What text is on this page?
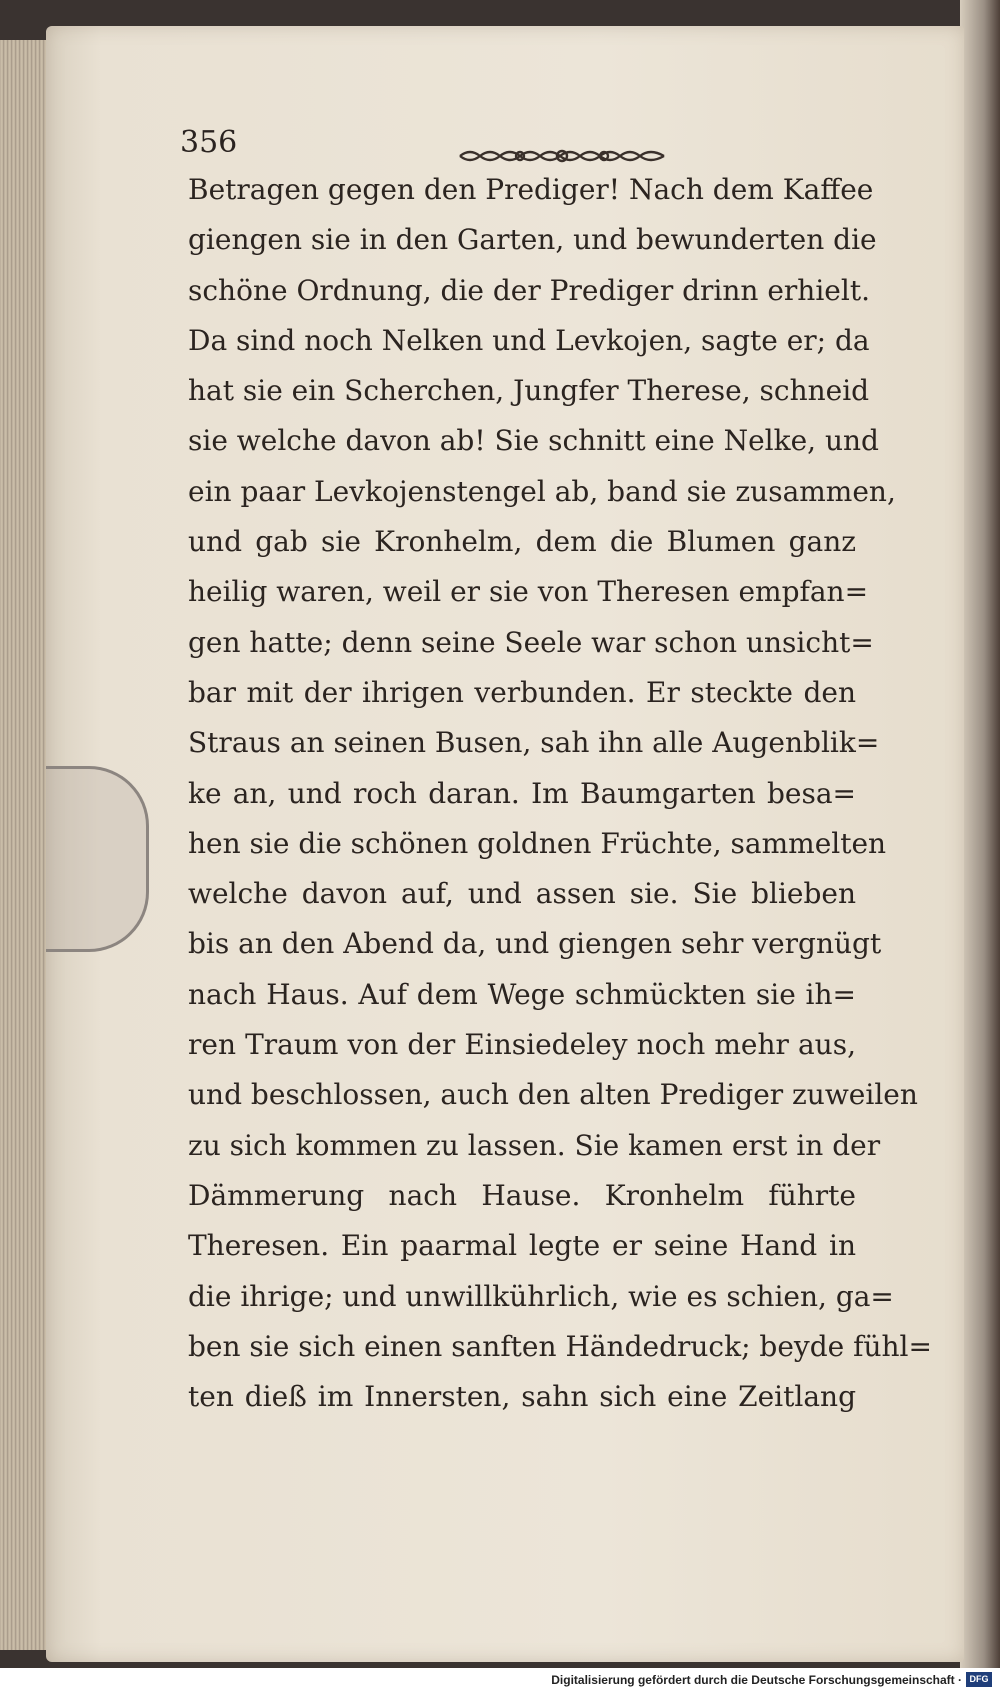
356
Betragen gegen den Prediger! Nach dem Kaffee
giengen sie in den Garten, und bewunderten die
schöne Ordnung, die der Prediger drinn erhielt.
Da sind noch Nelken und Levkojen, sagte er; da
hat sie ein Scherchen, Jungfer Therese, schneid
sie welche davon ab! Sie schnitt eine Nelke, und
ein paar Levkojenstengel ab, band sie zusammen,
und gab sie Kronhelm, dem die Blumen ganz
heilig waren, weil er sie von Theresen empfan=
gen hatte; denn seine Seele war schon unsicht=
bar mit der ihrigen verbunden. Er steckte den
Straus an seinen Busen, sah ihn alle Augenblik=
ke an, und roch daran. Im Baumgarten besa=
hen sie die schönen goldnen Früchte, sammelten
welche davon auf, und assen sie. Sie blieben
bis an den Abend da, und giengen sehr vergnügt
nach Haus. Auf dem Wege schmückten sie ih=
ren Traum von der Einsiedeley noch mehr aus,
und beschlossen, auch den alten Prediger zuweilen
zu sich kommen zu lassen. Sie kamen erst in der
Dämmerung nach Hause. Kronhelm führte
Theresen. Ein paarmal legte er seine Hand in
die ihrige; und unwillkührlich, wie es schien, ga=
ben sie sich einen sanften Händedruck; beyde fühl=
ten dieß im Innersten, sahn sich eine Zeitlang
Digitalisierung gefördert durch die Deutsche Forschungsgemeinschaft · DFG
